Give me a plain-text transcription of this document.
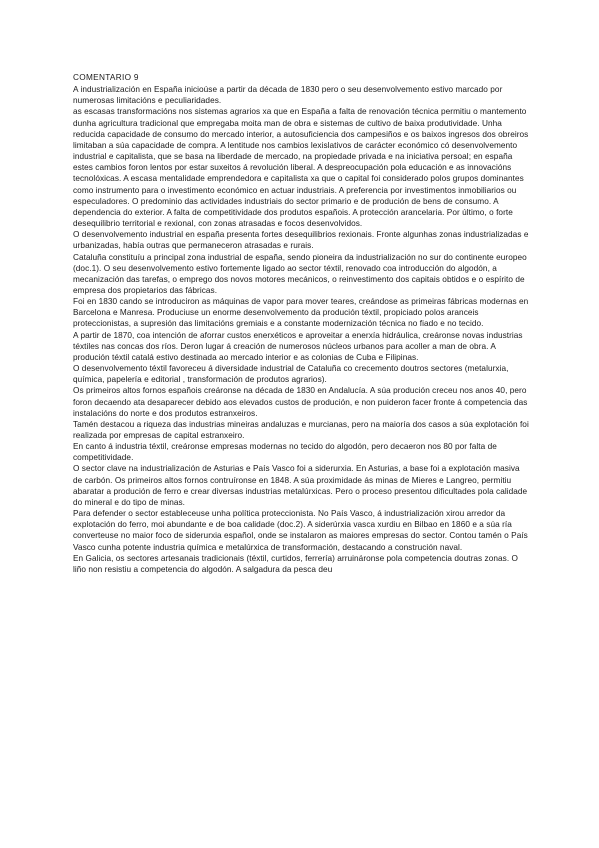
COMENTARIO 9

A industrialización en España inicioúse a partir da década de 1830 pero o seu desenvolvemento estivo marcado por numerosas limitacións e peculiaridades.

as escasas transformacións nos sistemas agrarios xa que en España a falta de renovación técnica permitiu o mantemento dunha agricultura tradicional que empregaba moita man de obra e sistemas de cultivo de baixa produtividade. Unha reducida capacidade de consumo do mercado interior, a autosuficiencia dos campesiños e os baixos ingresos dos obreiros limitaban a súa capacidade de compra. A lentitude nos cambios lexislativos de carácter económico có desenvolvemento industrial e capitalista, que se basa na liberdade de mercado, na propiedade privada e na iniciativa persoal; en españa estes cambios foron lentos por estar suxeitos á revolución liberal. A despreocupación pola educación e as innovacións tecnolóxicas. A escasa mentalidade emprendedora e capitalista xa que o capital foi considerado polos grupos dominantes como instrumento para o investimento económico en actuar industriais. A preferencia por investimentos inmobiliarios ou especuladores. O predominio das actividades industriais do sector primario e de produción de bens de consumo. A dependencia do exterior. A falta de competitividade dos produtos españois. A protección arancelaria. Por último, o forte desequilibrio territorial e rexional, con zonas atrasadas e focos desenvolvidos.

O desenvolvemento industrial en españa presenta fortes desequilibrios rexionais. Fronte algunhas zonas industrializadas e urbanizadas, había outras que permaneceron atrasadas e rurais.

Cataluña constituíu a principal zona industrial de españa, sendo pioneira da industrialización no sur do continente europeo (doc.1). O seu desenvolvemento estivo fortemente ligado ao sector téxtil, renovado coa introducción do algodón, a mecanización das tarefas, o emprego dos novos motores mecánicos, o reinvestimento dos capitais obtidos e o espírito de empresa dos propietarios das fábricas.

Foi en 1830 cando se introduciron as máquinas de vapor para mover teares, creándose as primeiras fábricas modernas en Barcelona e Manresa. Produciuse un enorme desenvolvemento da produción téxtil, propiciado polos aranceis proteccionistas, a supresión das limitacións gremiais e a constante modernización técnica no fiado e no tecido.

A partir de 1870, coa intención de aforrar custos enerxéticos e aproveitar a enerxía hidráulica, creáronse novas industrias téxtiles nas concas dos ríos. Deron lugar á creación de numerosos núcleos urbanos para acoller a man de obra. A produción téxtil catalá estivo destinada ao mercado interior e as colonias de Cuba e Filipinas.

O desenvolvemento téxtil favoreceu á diversidade industrial de Cataluña co crecemento doutros sectores (metalurxia, química, papelería e editorial , transformación de produtos agrarios).

Os primeiros altos fornos españois creáronse na década de 1830 en Andalucía. A súa produción creceu nos anos 40, pero foron decaendo ata desaparecer debido aos elevados custos de produción, e non puideron facer fronte á competencia das instalacións do norte e dos produtos estranxeiros.

Tamén destacou a riqueza das industrias mineiras andaluzas e murcianas, pero na maioría dos casos a súa explotación foi realizada por empresas de capital estranxeiro.

En canto á industria téxtil, creáronse empresas modernas no tecido do algodón, pero decaeron nos 80 por falta de competitividade.

O sector clave na industrialización de Asturias e País Vasco foi a siderurxia. En Asturias, a base foi a explotación masiva de carbón. Os primeiros altos fornos contruíronse en 1848. A súa proximidade ás minas de Mieres e Langreo, permitiu abaratar a produción de ferro e crear diversas industrias metalúrxicas. Pero o proceso presentou dificultades pola calidade do mineral e do tipo de minas.

Para defender o sector estableceuse unha política proteccionista. No País Vasco, á industrialización xirou arredor da explotación do ferro, moi abundante e de boa calidade (doc.2). A siderúrxia vasca xurdiu en Bilbao en 1860 e a súa ría converteuse no maior foco de siderurxia español, onde se instalaron as maiores empresas do sector. Contou tamén o País Vasco cunha potente industria química e metalúrxica de transformación, destacando a construción naval.

En Galicia, os sectores artesanais tradicionais (téxtil, curtidos, ferrería) arruináronse pola competencia doutras zonas. O liño non resistiu a competencia do algodón. A salgadura da pesca deu
